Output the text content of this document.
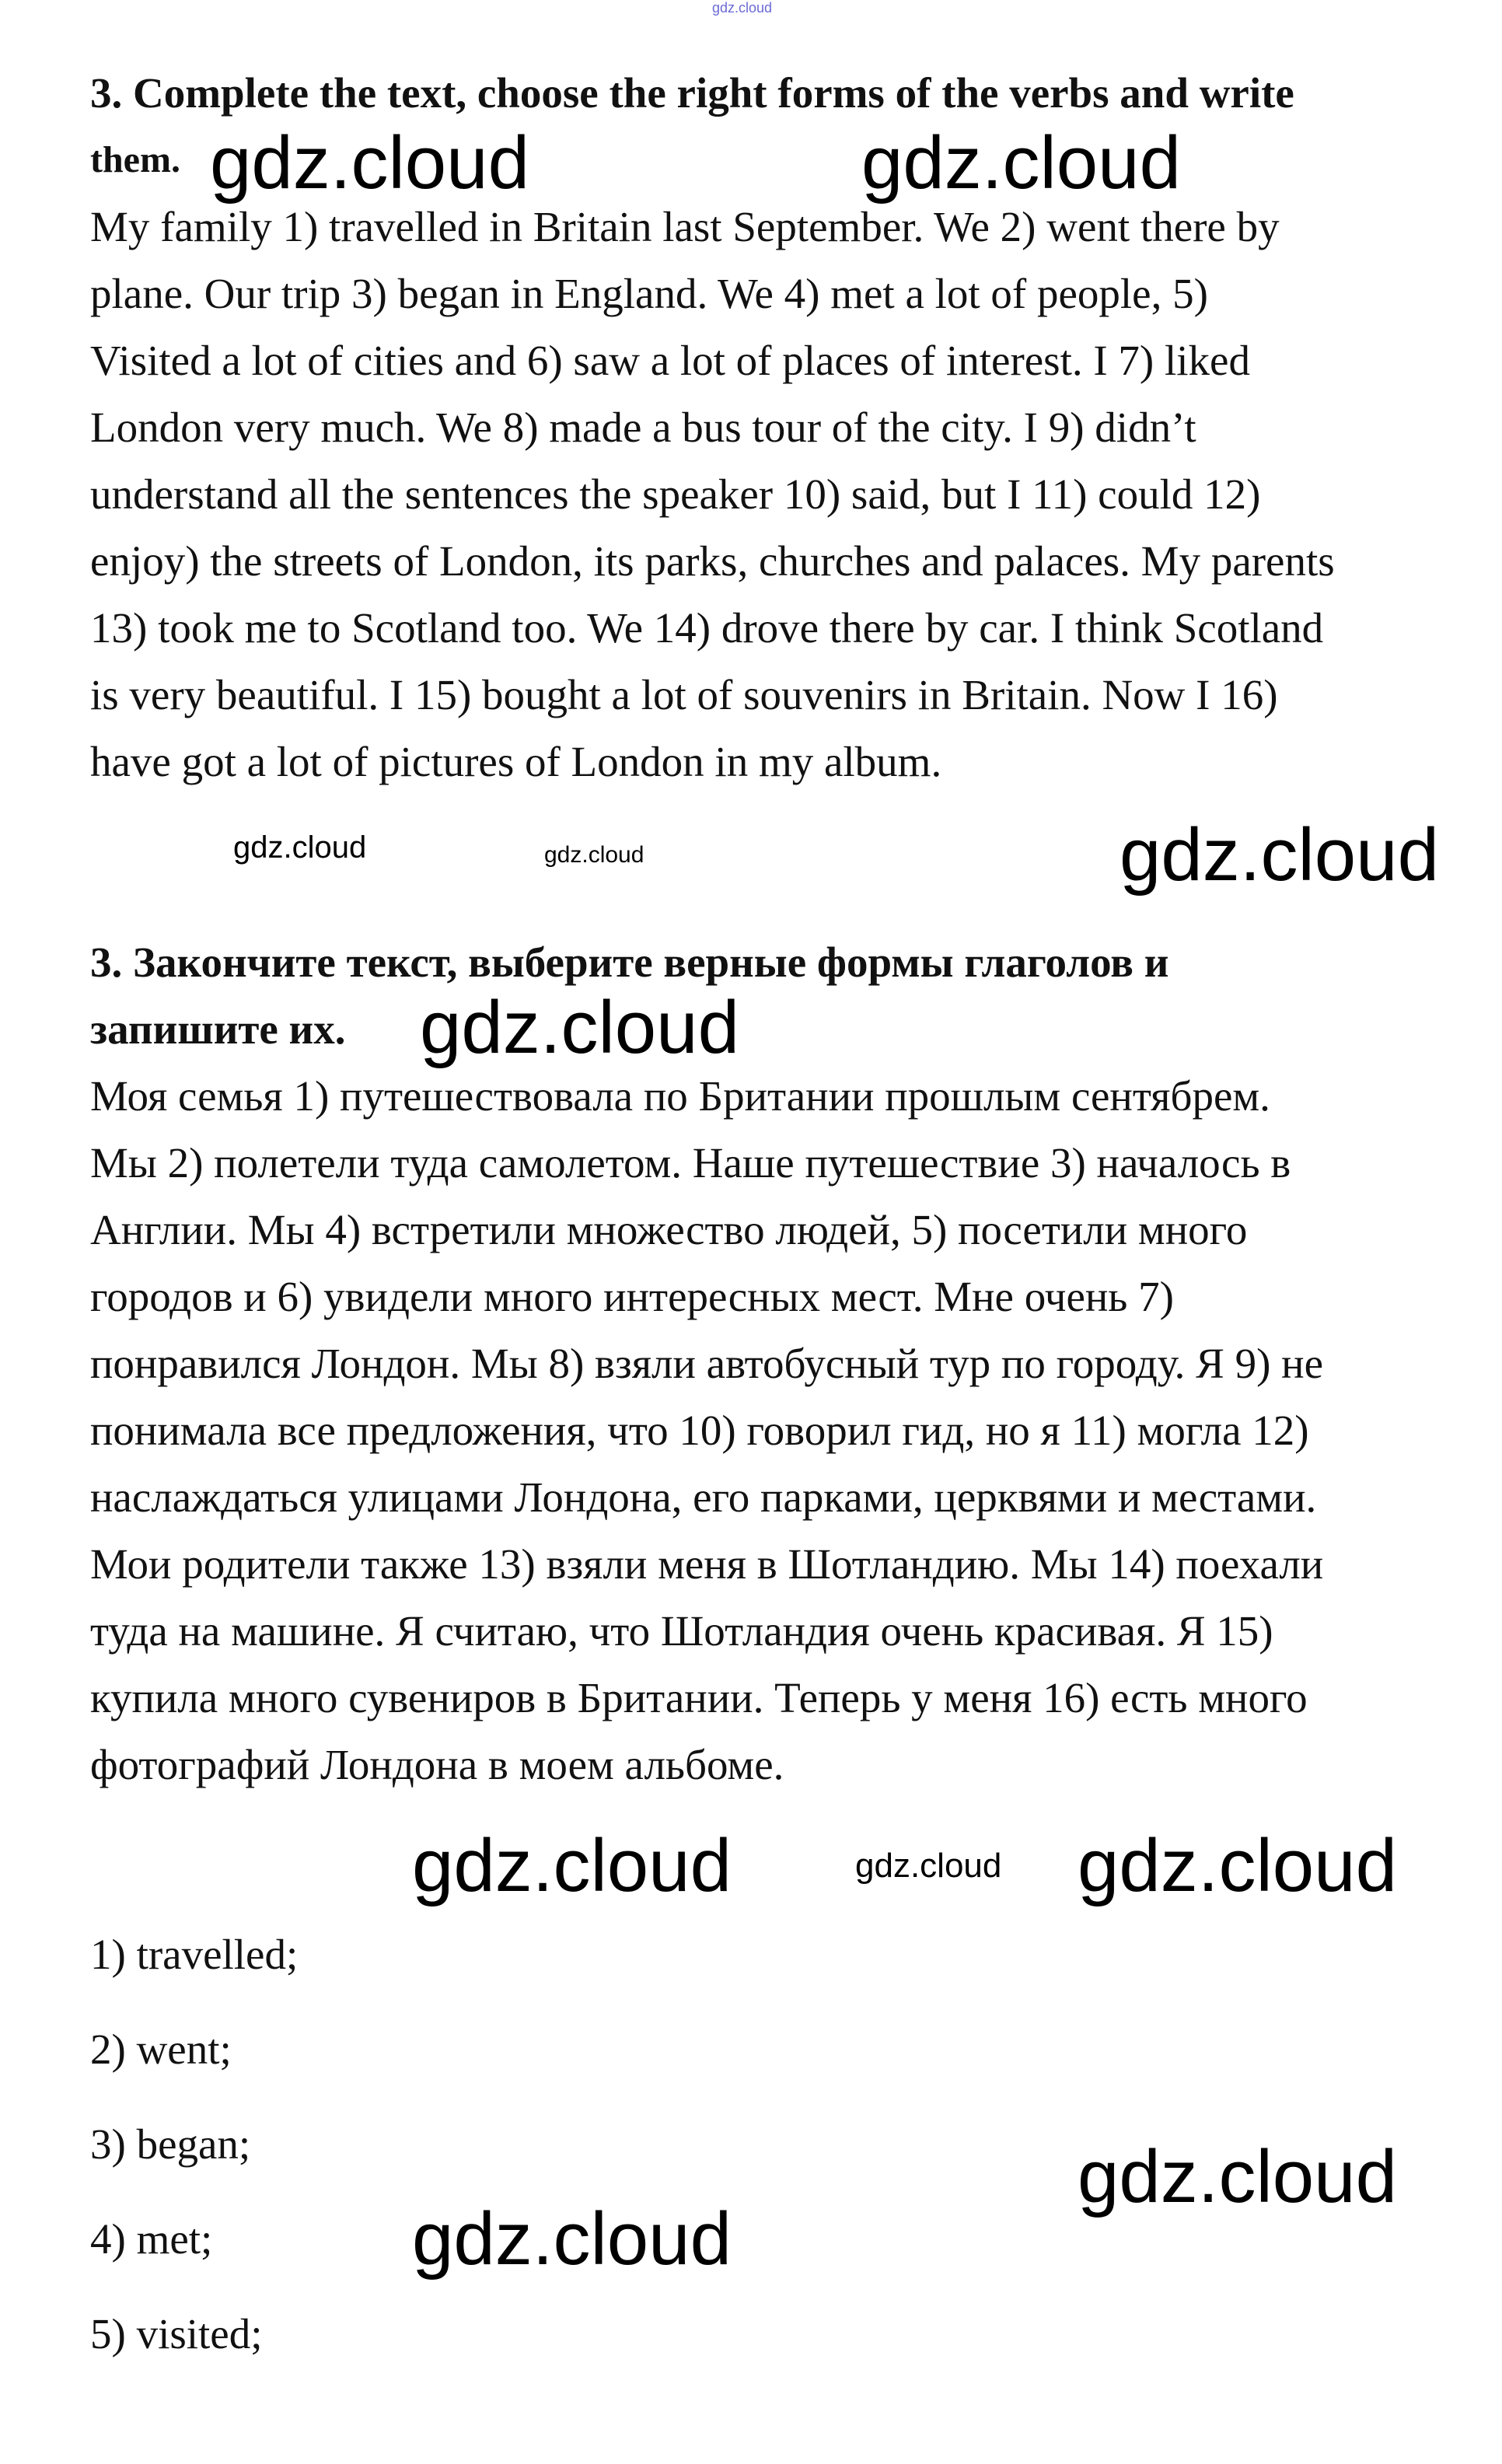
gdz.cloud
3. Complete the text, choose the right forms of the verbs and write
them.
My family 1) travelled in Britain last September. We 2) went there by
plane. Our trip 3) began in England. We 4) met a lot of people, 5)
Visited a lot of cities and 6) saw a lot of places of interest. I 7) liked
London very much. We 8) made a bus tour of the city. I 9) didn’t
understand all the sentences the speaker 10) said, but I 11) could 12)
enjoy) the streets of London, its parks, churches and palaces. My parents
13) took me to Scotland too. We 14) drove there by car. I think Scotland
is very beautiful. I 15) bought a lot of souvenirs in Britain. Now I 16)
have got a lot of pictures of London in my album.
3. Закончите текст, выберите верные формы глаголов и
запишите их.
Моя семья 1) путешествовала по Британии прошлым сентябрем.
Мы 2) полетели туда самолетом. Наше путешествие 3) началось в
Англии. Мы 4) встретили множество людей, 5) посетили много
городов и 6) увидели много интересных мест. Мне очень 7)
понравился Лондон. Мы 8) взяли автобусный тур по городу. Я 9) не
понимала все предложения, что 10) говорил гид, но я 11) могла 12)
наслаждаться улицами Лондона, его парками, церквями и местами.
Мои родители также 13) взяли меня в Шотландию. Мы 14) поехали
туда на машине. Я считаю, что Шотландия очень красивая. Я 15)
купила много сувениров в Британии. Теперь у меня 16) есть много
фотографий Лондона в моем альбоме.
1) travelled;
2) went;
3) began;
4) met;
5) visited;
gdz.cloud	gdz.cloud
gdz.cloud	gdz.cloud	gdz.cloud
gdz.cloud
gdz.cloud gdz.cloud
gdz.cloud
gdz.cloud
gdz.cloud
